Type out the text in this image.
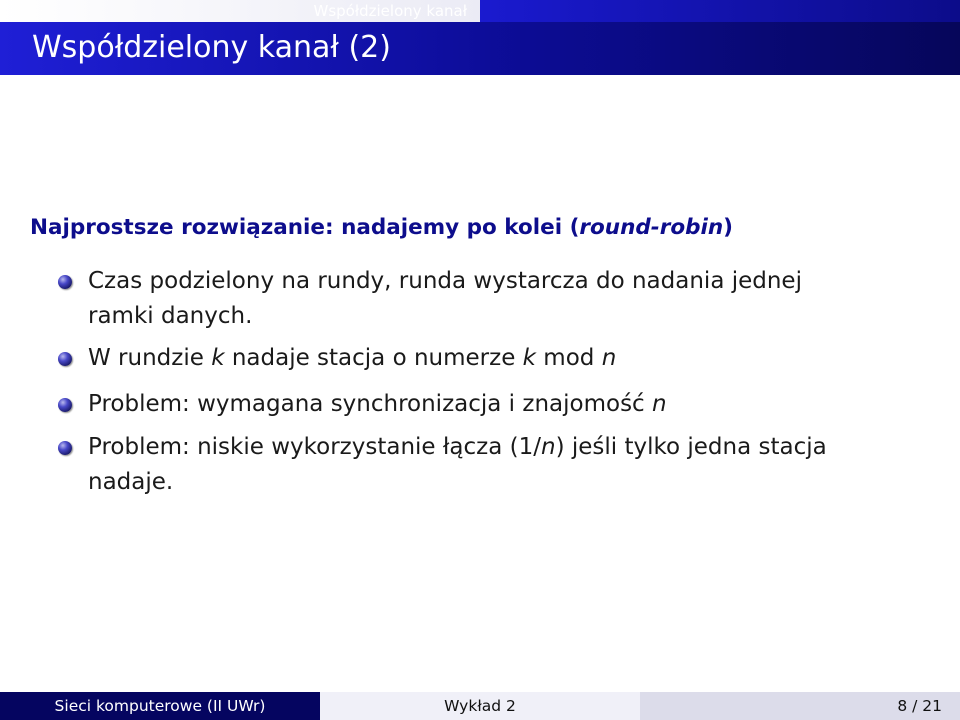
Współdzielony kanał
Współdzielony kanał (2)
Najprostsze rozwiązanie: nadajemy po kolei (round-robin)
Czas podzielony na rundy, runda wystarcza do nadania jednej
ramki danych.
W rundzie k nadaje stacja o numerze k mod n
Problem: wymagana synchronizacja i znajomość n
Problem: niskie wykorzystanie łącza (1/n) jeśli tylko jedna stacja
nadaje.
Sieci komputerowe (II UWr)	Wykład 2	8 / 21
